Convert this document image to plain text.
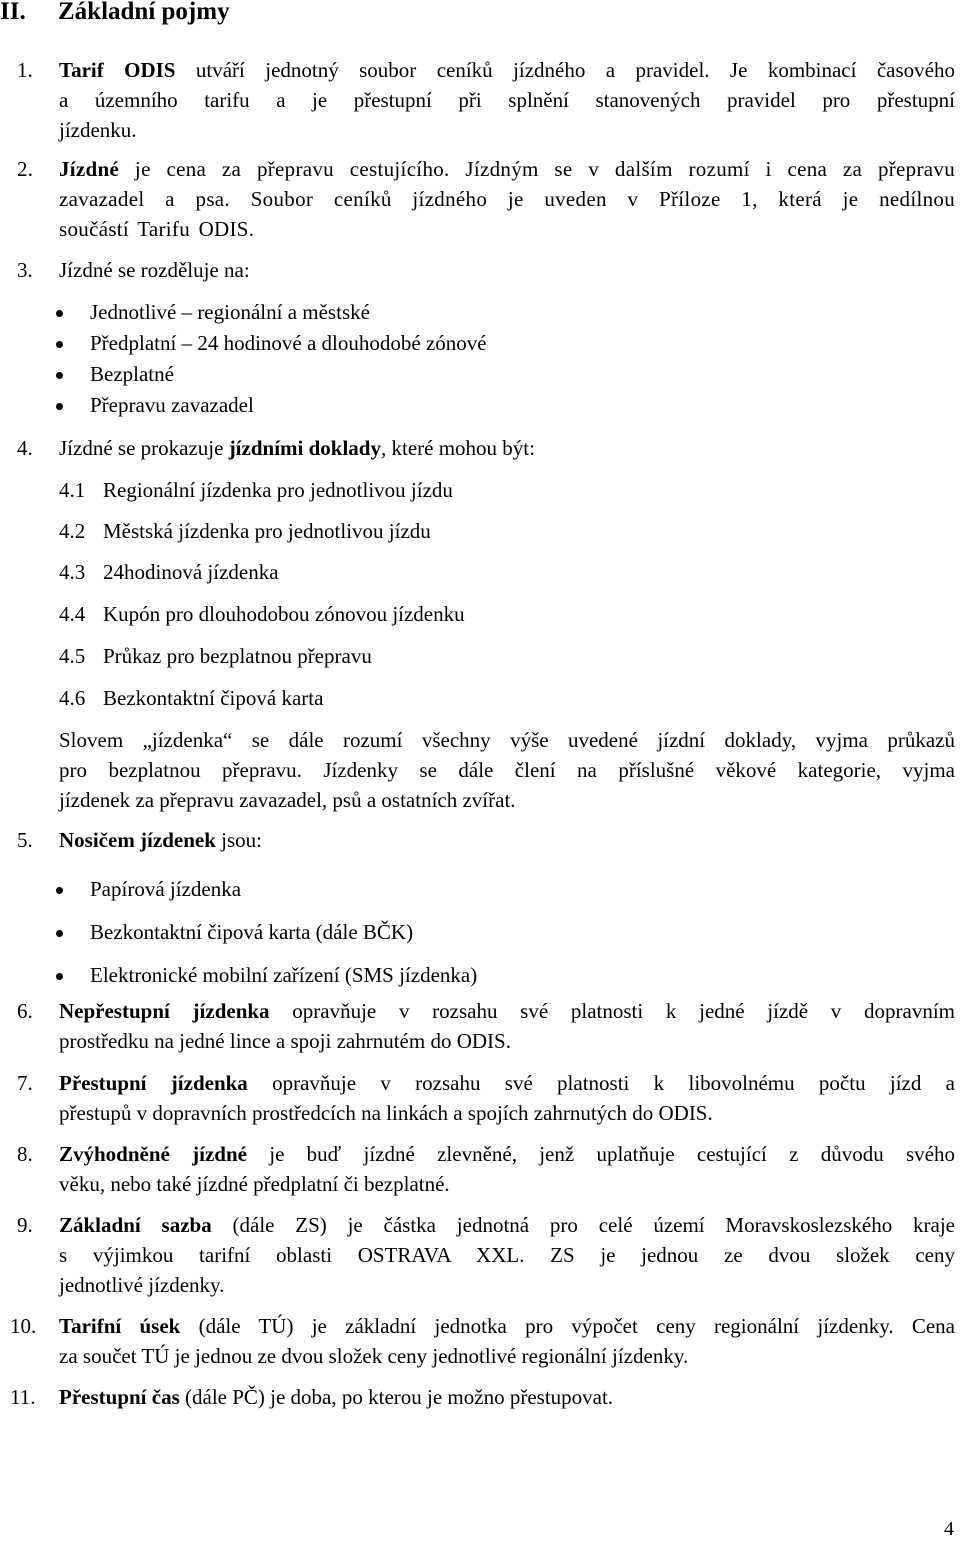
II. Základní pojmy
1. Tarif ODIS utváří jednotný soubor ceníků jízdného a pravidel. Je kombinací časového
a územního tarifu a je přestupní při splnění stanovených pravidel pro přestupní
jízdenku.
2. Jízdné je cena za přepravu cestujícího. Jízdným se v dalším rozumí i cena za přepravu
zavazadel a psa. Soubor ceníků jízdného je uveden v Příloze 1, která je nedílnou
součástí Tarifu ODIS.
3. Jízdné se rozděluje na:
Jednotlivé – regionální a městské
Předplatní – 24 hodinové a dlouhodobé zónové
Bezplatné
Přepravu zavazadel
4. Jízdné se prokazuje jízdními doklady, které mohou být:
4.1 Regionální jízdenka pro jednotlivou jízdu
4.2 Městská jízdenka pro jednotlivou jízdu
4.3 24hodinová jízdenka
4.4 Kupón pro dlouhodobou zónovou jízdenku
4.5 Průkaz pro bezplatnou přepravu
4.6 Bezkontaktní čipová karta
Slovem „jízdenka“ se dále rozumí všechny výše uvedené jízdní doklady, vyjma průkazů
pro bezplatnou přepravu. Jízdenky se dále člení na příslušné věkové kategorie, vyjma
jízdenek za přepravu zavazadel, psů a ostatních zvířat.
5. Nosičem jízdenek jsou:
Papírová jízdenka
Bezkontaktní čipová karta (dále BČK)
Elektronické mobilní zařízení (SMS jízdenka)
6. Nepřestupní jízdenka opravňuje v rozsahu své platnosti k jedné jízdě v dopravním
prostředku na jedné lince a spoji zahrnutém do ODIS.
7. Přestupní jízdenka opravňuje v rozsahu své platnosti k libovolnému počtu jízd a
přestupů v dopravních prostředcích na linkách a spojích zahrnutých do ODIS.
8. Zvýhodněné jízdné je buď jízdné zlevněné, jenž uplatňuje cestující z důvodu svého
věku, nebo také jízdné předplatní či bezplatné.
9. Základní sazba (dále ZS) je částka jednotná pro celé území Moravskoslezského kraje
s výjimkou tarifní oblasti OSTRAVA XXL. ZS je jednou ze dvou složek ceny
jednotlivé jízdenky.
10. Tarifní úsek (dále TÚ) je základní jednotka pro výpočet ceny regionální jízdenky. Cena
za součet TÚ je jednou ze dvou složek ceny jednotlivé regionální jízdenky.
11. Přestupní čas (dále PČ) je doba, po kterou je možno přestupovat.
4
